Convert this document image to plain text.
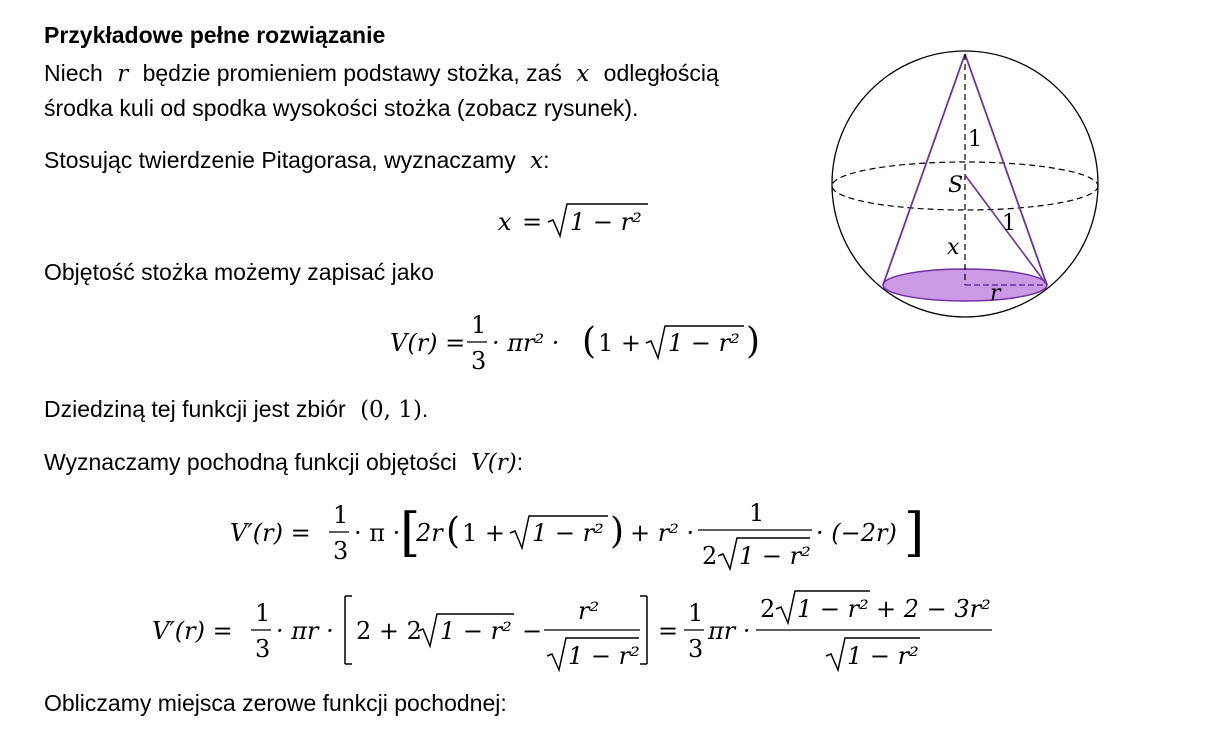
Przykładowe pełne rozwiązanie
Niech r będzie promieniem podstawy stożka, zaś x odległością
środka kuli od spodka wysokości stożka (zobacz rysunek).
Stosując twierdzenie Pitagorasa, wyznaczamy x:
x = 1 − r²
Objętość stożka możemy zapisać jako
V(r) =
1
3
· πr² · ( 1 + 1 − r² )
Dziedziną tej funkcji jest zbiór (0, 1).
Wyznaczamy pochodną funkcji objętości V(r):
V′(r) =
1
3
· π · [
2r ( 1 + 1 − r² ) + r² ·
1
2 1 − r²
· (−2r) ]
V′(r) =
1
3
· πr ·
[
2 + 2 1 − r² −
r²
1 − r²
]
=
1
3
πr ·
2 1 − r² + 2 − 3r²
1 − r²
Obliczamy miejsca zerowe funkcji pochodnej:
1
S
1
x
r
